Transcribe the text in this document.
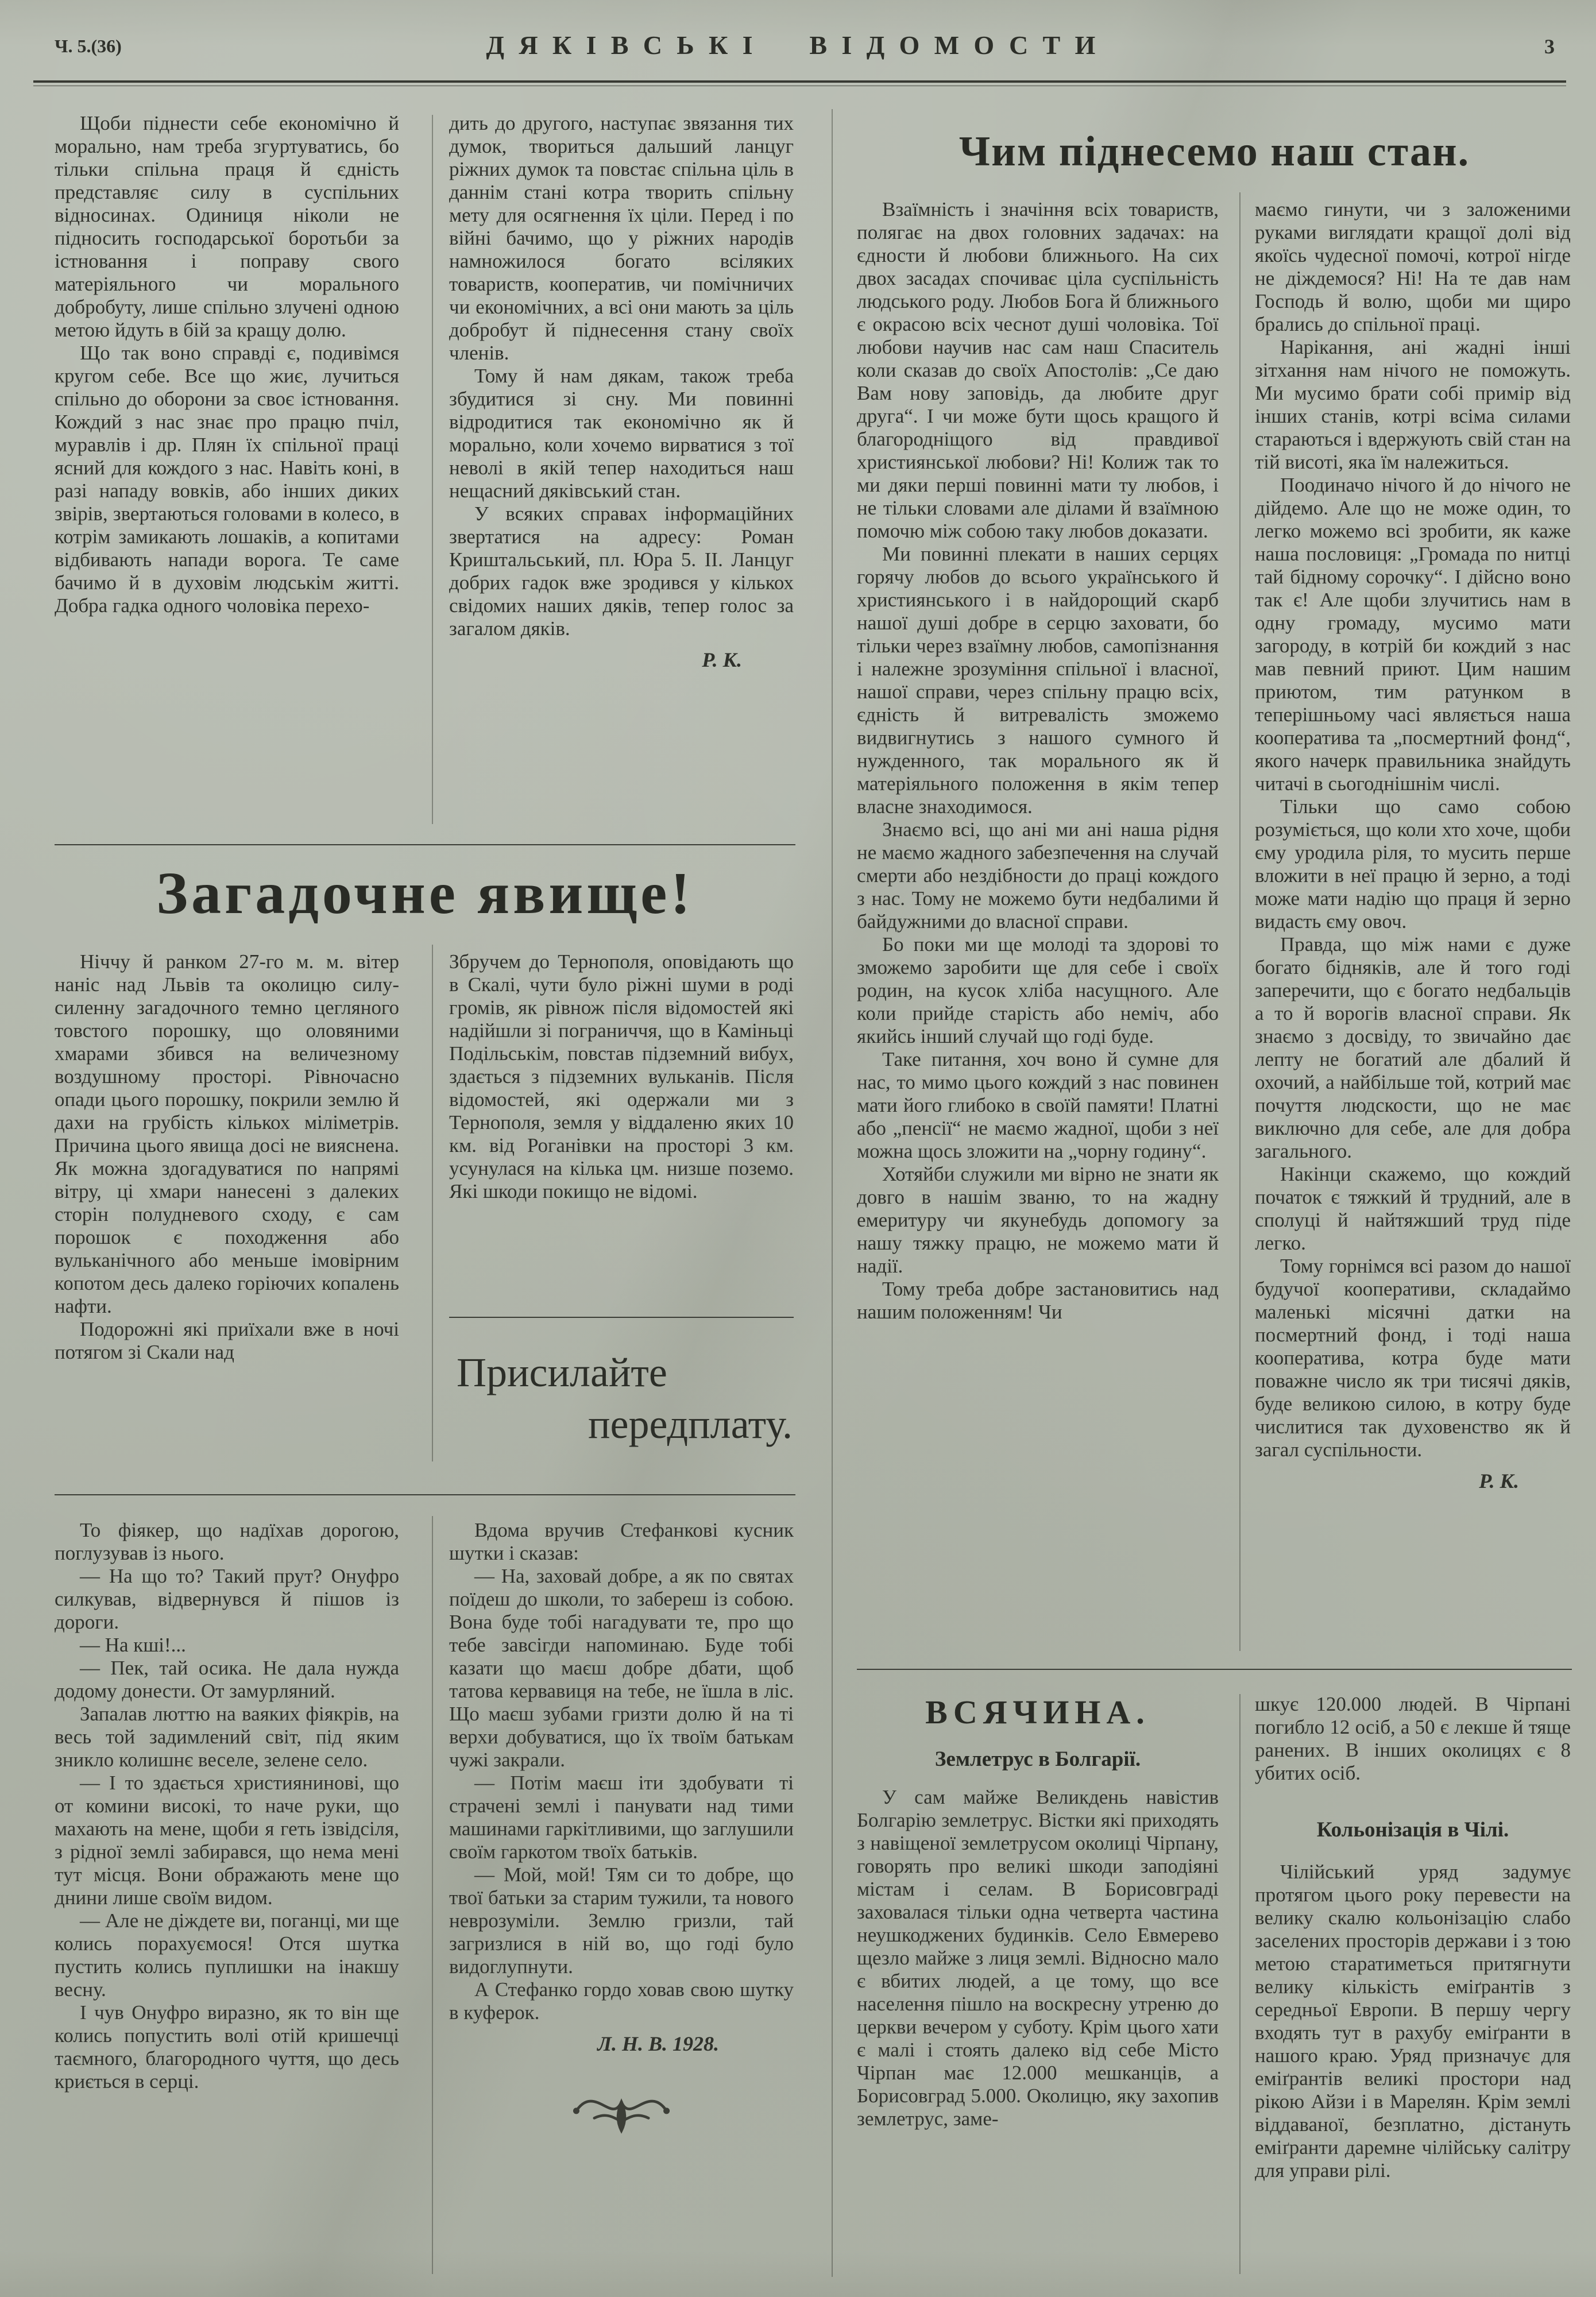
Ч. 5.(36)	ДЯКІВСЬКІ ВІДОМОСТИ	3

Щоби піднести себе економічно й морально, нам треба згуртуватись, бо тільки спільна праця й єдність представляє силу в суспільних відносинах. Одиниця ніколи не підносить господарської боротьби за істновання і поправу свого матеріяльного чи морального добробуту, лише спільно злучені одною метою йдуть в бій за кращу долю.

Що так воно справді є, подивімся кругом себе. Все що жиє, лучиться спільно до оборони за своє істновання. Кождий з нас знає про працю пчіл, муравлів і др. Плян їх спільної праці ясний для кождого з нас. Навіть коні, в разі нападу вовків, або інших диких звірів, звертаються головами в колесо, в котрім замикають лошаків, а копитами відбивають напади ворога. Те саме бачимо й в духовім людськім житті. Добра гадка одного чоловіка перехо-

дить до другого, наступає звязання тих думок, твориться дальший ланцуг ріжних думок та повстає спільна ціль в даннім стані котра творить спільну мету для осягнення їх ціли. Перед і по війні бачимо, що у ріжних народів намножилося богато всіляких товариств, кооператив, чи помічничих чи економічних, а всі они мають за ціль добробут й піднесення стану своїх членів.

Тому й нам дякам, також треба збудитися зі сну. Ми повинні відродитися так економічно як й морально, коли хочемо вирватися з тої неволі в якій тепер находиться наш нещасний дяківський стан.

У всяких справах інформаційних звертатися на адресу: Роман Криштальський, пл. Юра 5. II. Ланцуг добрих гадок вже зродився у кількох свідомих наших дяків, тепер голос за загалом дяків.

Р. К.
Загадочне явище!

Ніччу й ранком 27-го м. м. вітер наніс над Львів та околицю силу-силенну загадочного темно цегляного товстого порошку, що оловяними хмарами збився на величезному воздушному просторі. Рівночасно опади цього порошку, покрили землю й дахи на грубість кількох міліметрів. Причина цього явища досі не вияснена. Як можна здогадуватися по напрямі вітру, ці хмари нанесені з далеких сторін полудневого сходу, є сам порошок є походження або вульканічного або меньше імовірним копотом десь далеко горіючих копалень нафти.

Подорожні які приїхали вже в ночі потягом зі Скали над

Збручем до Тернополя, оповідають що в Скалі, чути було ріжні шуми в роді громів, як рівнож після відомостей які надійшли зі пограниччя, що в Каміньці Подільськім, повстав підземний вибух, здається з підземних вульканів. Після відомостей, які одержали ми з Тернополя, земля у віддаленю яких 10 км. від Роганівки на просторі 3 км. усунулася на кілька цм. низше поземо. Які шкоди покищо не відомі.

Присилайте
передплату.

То фіякер, що надїхав дорогою, поглузував із нього.

— На що то? Такий прут? Онуфро силкував, відвернувся й пішов із дороги.

— На кші!...

— Пек, тай осика. Не дала нужда додому донести. От замурляний.

Запалав люттю на ваяких фіякрів, на весь той задимлений світ, під яким зникло колишнє веселе, зелене село.

— І то здається християнинові, що от комини високі, то наче руки, що махають на мене, щоби я геть ізвідсіля, з рідної землі забирався, що нема мені тут місця. Вони ображають мене що днини лише своїм видом.

— Але не діждете ви, поганці, ми ще колись порахуємося! Отся шутка пустить колись пуплишки на інакшу весну.

І чув Онуфро виразно, як то він ще колись попустить волі отій кришечці таємного, благородного чуття, що десь криється в серці.

Вдома вручив Стефанкові кусник шутки і сказав:

— На, заховай добре, а як по святах поїдеш до школи, то забереш із собою. Вона буде тобі нагадувати те, про що тебе завсігди напоминаю. Буде тобі казати що маєш добре дбати, щоб татова кервавиця на тебе, не їшла в ліс. Що маєш зубами гризти долю й на ті верхи добуватися, що їх твоїм батькам чужі закрали.

— Потім маєш іти здобувати ті страчені землі і панувати над тими машинами гаркітливими, що заглушили своїм гаркотом твоїх батьків.

— Мой, мой! Тям си то добре, що твої батьки за старим тужили, та нового неврозуміли. Землю гризли, тай загризлися в ній во, що годі було видоглупнути.

А Стефанко гордо ховав свою шутку в куферок.

Л. Н. В. 1928.
Чим піднесемо наш стан.

Взаїмність і значіння всіх товариств, полягає на двох головних задачах: на єдности й любови ближнього. На сих двох засадах спочиває ціла суспільність людського роду. Любов Бога й ближнього є окрасою всіх чеснот душі чоловіка. Тої любови научив нас сам наш Спаситель коли сказав до своїх Апостолів: „Се даю Вам нову заповідь, да любите друг друга“. І чи може бути щось кращого й благородніщого від правдивої християнської любови? Ні! Колиж так то ми дяки перші повинні мати ту любов, і не тільки словами але ділами й взаїмною помочю між собою таку любов доказати.

Ми повинні плекати в наших серцях горячу любов до всього українського й християнського і в найдорощий скарб нашої душі добре в серцю заховати, бо тільки через взаїмну любов, самопізнання і належне зрозуміння спільної і власної, нашої справи, через спільну працю всіх, єдність й витревалість зможемо видвигнутись з нашого сумного й нужденного, так морального як й матеріяльного положення в якім тепер власне знаходимося.

Знаємо всі, що ані ми ані наша рідня не маємо жадного забезпечення на случай смерти або нездібности до праці кождого з нас. Тому не можемо бути недбалими й байдужними до власної справи.

Бо поки ми ще молоді та здорові то зможемо заробити ще для себе і своїх родин, на кусок хліба насущного. Але коли прийде старість або неміч, або якийсь інший случай що годі буде.

Таке питання, хоч воно й сумне для нас, то мимо цього кождий з нас повинен мати його глибоко в своїй памяти! Платні або „пенсії“ не маємо жадної, щоби з неї можна щось зложити на „чорну годину“.

Хотяйби служили ми вірно не знати як довго в нашім званю, то на жадну емеритуру чи якунебудь допомогу за нашу тяжку працю, не можемо мати й надії.

Тому треба добре застановитись над нашим положенням! Чи

маємо гинути, чи з заложеними руками виглядати кращої долі від якоїсь чудесної помочі, котрої нігде не діждемося? Ні! На те дав нам Господь й волю, щоби ми щиро брались до спільної праці.

Нарікання, ані жадні інші зітхання нам нічого не поможуть. Ми мусимо брати собі примір від інших станів, котрі всіма силами стараються і вдержують свій стан на тій висоті, яка їм належиться.

Поодиначо нічого й до нічого не дійдемо. Але що не може один, то легко можемо всі зробити, як каже наша пословиця: „Громада по нитці тай бідному сорочку“. І дійсно воно так є! Але щоби злучитись нам в одну громаду, мусимо мати загороду, в котрій би кождий з нас мав певний приют. Цим нашим приютом, тим ратунком в теперішньому часі являється наша кооператива та „посмертний фонд“, якого начерк правильника знайдуть читачі в сьогоднішнім числі.

Тільки що само собою розуміється, що коли хто хоче, щоби єму уродила ріля, то мусить перше вложити в неї працю й зерно, а тоді може мати надію що праця й зерно видасть єму овоч.

Правда, що між нами є дуже богато бідняків, але й того годі заперечити, що є богато недбальців а то й ворогів власної справи. Як знаємо з досвіду, то звичайно дає лепту не богатий але дбалий й охочий, а найбільше той, котрий має почуття людскости, що не має виключно для себе, але для добра загального.

Накінци скажемо, що кождий початок є тяжкий й трудний, але в сполуці й найтяжший труд піде легко.

Тому горнімся всі разом до нашої будучої кооперативи, складаймо маленькі місячні датки на посмертний фонд, і тоді наша кооператива, котра буде мати поважне число як три тисячі дяків, буде великою силою, в котру буде числитися так духовенство як й загал суспільности.

Р. К.
ВСЯЧИНА.
Землетрус в Болгарії.

У сам майже Великдень навістив Болгарію землетрус. Вістки які приходять з навіщеної землетрусом околиці Чірпану, говорять про великі шкоди заподіяні містам і селам. В Борисовграді заховалася тільки одна четверта частина неушкоджених будинків. Село Евмерево щезло майже з лиця землі. Відносно мало є вбитих людей, а це тому, що все населення пішло на воскресну утреню до церкви вечером у суботу. Крім цього хати є малі і стоять далеко від себе Місто Чірпан має 12.000 мешканців, а Борисовград 5.000. Околицю, яку захопив землетрус, заме-

шкує 120.000 людей. В Чірпані погибло 12 осіб, а 50 є лекше й тяще ранених. В інших околицях є 8 убитих осіб.

Кольонізація в Чілі.

Чілійський уряд задумує протягом цього року перевести на велику скалю кольонізацію слабо заселених просторів держави і з тою метою старатиметься притягнути велику кількість еміґрантів з середньої Европи. В першу чергу входять тут в рахубу еміґранти в нашого краю. Уряд призначує для еміґрантів великі простори над рікою Айзи і в Марелян. Крім землі віддаваної, безплатно, дістануть еміґранти даремне чілійську салітру для управи рілі.
